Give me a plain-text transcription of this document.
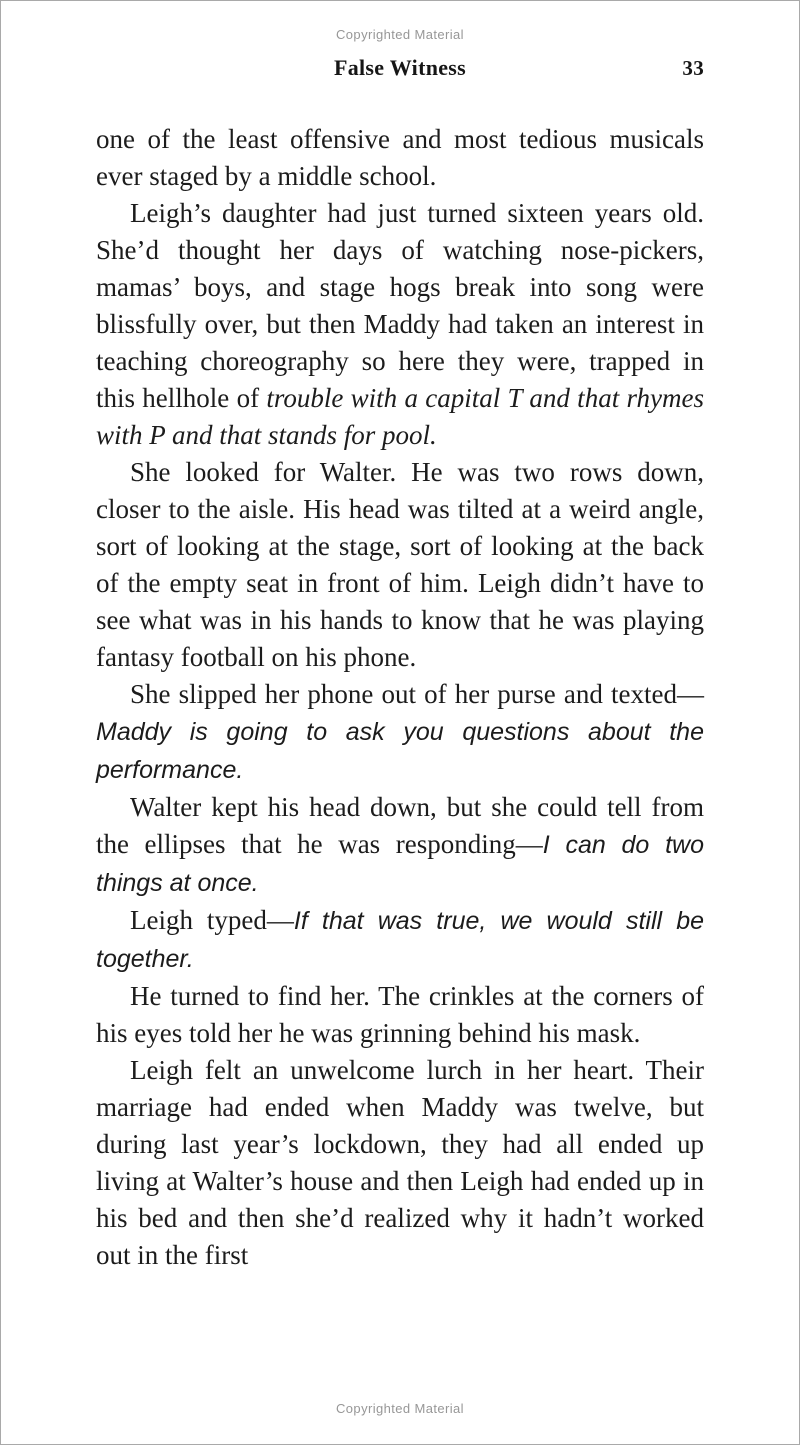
Copyrighted Material
False Witness	33

one of the least offensive and most tedious musicals ever staged by a middle school.

Leigh’s daughter had just turned sixteen years old. She’d thought her days of watching nose-pickers, mamas’ boys, and stage hogs break into song were blissfully over, but then Maddy had taken an interest in teaching choreography so here they were, trapped in this hellhole of trouble with a capital T and that rhymes with P and that stands for pool.

She looked for Walter. He was two rows down, closer to the aisle. His head was tilted at a weird angle, sort of looking at the stage, sort of looking at the back of the empty seat in front of him. Leigh didn’t have to see what was in his hands to know that he was playing fantasy football on his phone.

She slipped her phone out of her purse and texted—Maddy is going to ask you questions about the performance.

Walter kept his head down, but she could tell from the ellipses that he was responding—I can do two things at once.

Leigh typed—If that was true, we would still be together.

He turned to find her. The crinkles at the corners of his eyes told her he was grinning behind his mask.

Leigh felt an unwelcome lurch in her heart. Their marriage had ended when Maddy was twelve, but during last year’s lockdown, they had all ended up living at Walter’s house and then Leigh had ended up in his bed and then she’d realized why it hadn’t worked out in the first

Copyrighted Material
